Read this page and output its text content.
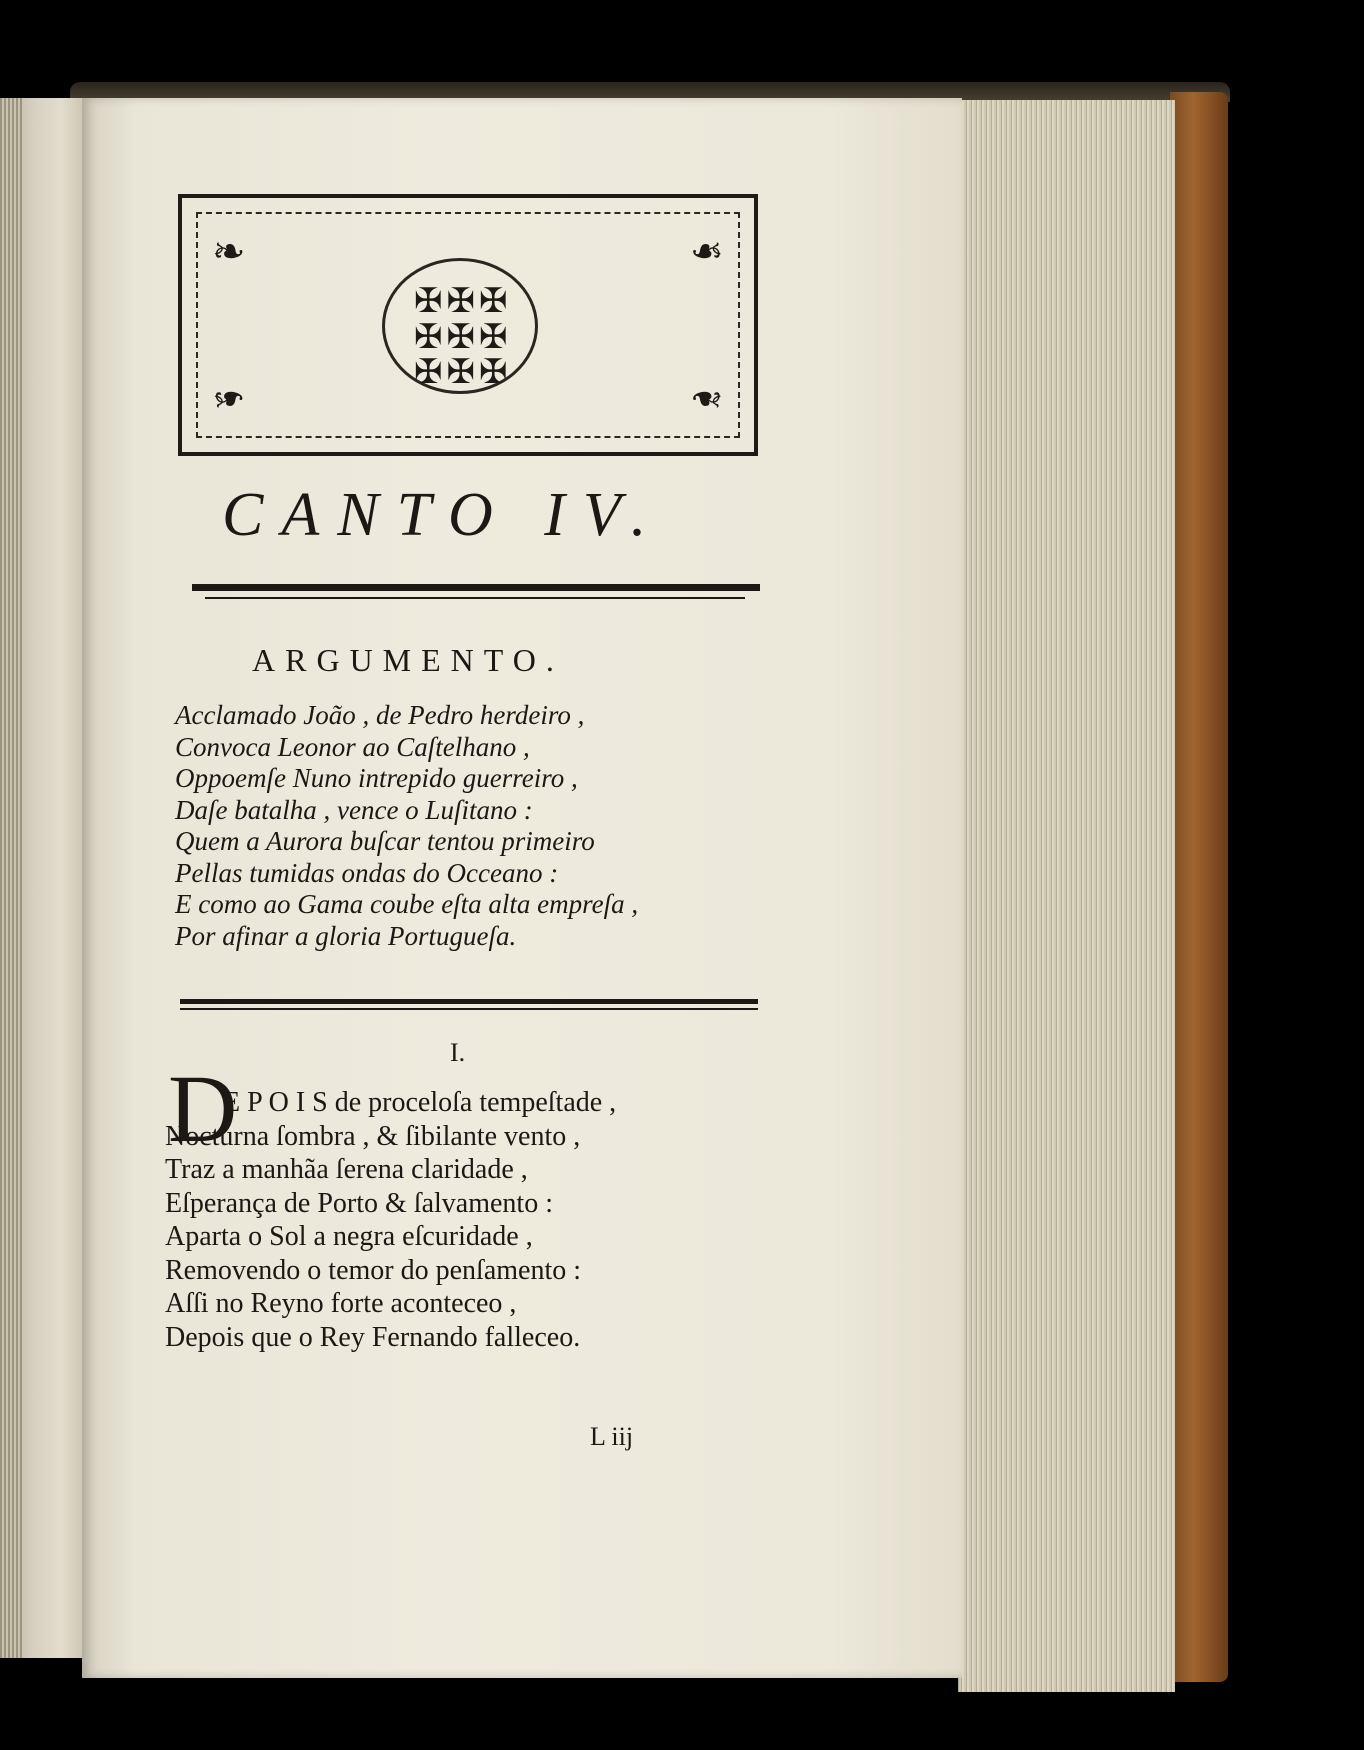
✠✠✠
✠✠✠
✠✠✠
❧	❧
❧	❧
CANTO IV.
ARGUMENTO.
Acclamado João , de Pedro herdeiro ,
Convoca Leonor ao Caſtelhano ,
Oppoemſe Nuno intrepido guerreiro ,
Daſe batalha , vence o Luſitano :
Quem a Aurora buſcar tentou primeiro
Pellas tumidas ondas do Occeano :
E como ao Gama coube eſta alta empreſa ,
Por afinar a gloria Portugueſa.
I.
D
E P O I S de proceloſa tempeſtade ,
Nocturna ſombra , & ſibilante vento ,
Traz a manhãa ſerena claridade ,
Eſperança de Porto & ſalvamento :
Aparta o Sol a negra eſcuridade ,
Removendo o temor do penſamento :
Aſſi no Reyno forte aconteceo ,
Depois que o Rey Fernando falleceo.
L iij
